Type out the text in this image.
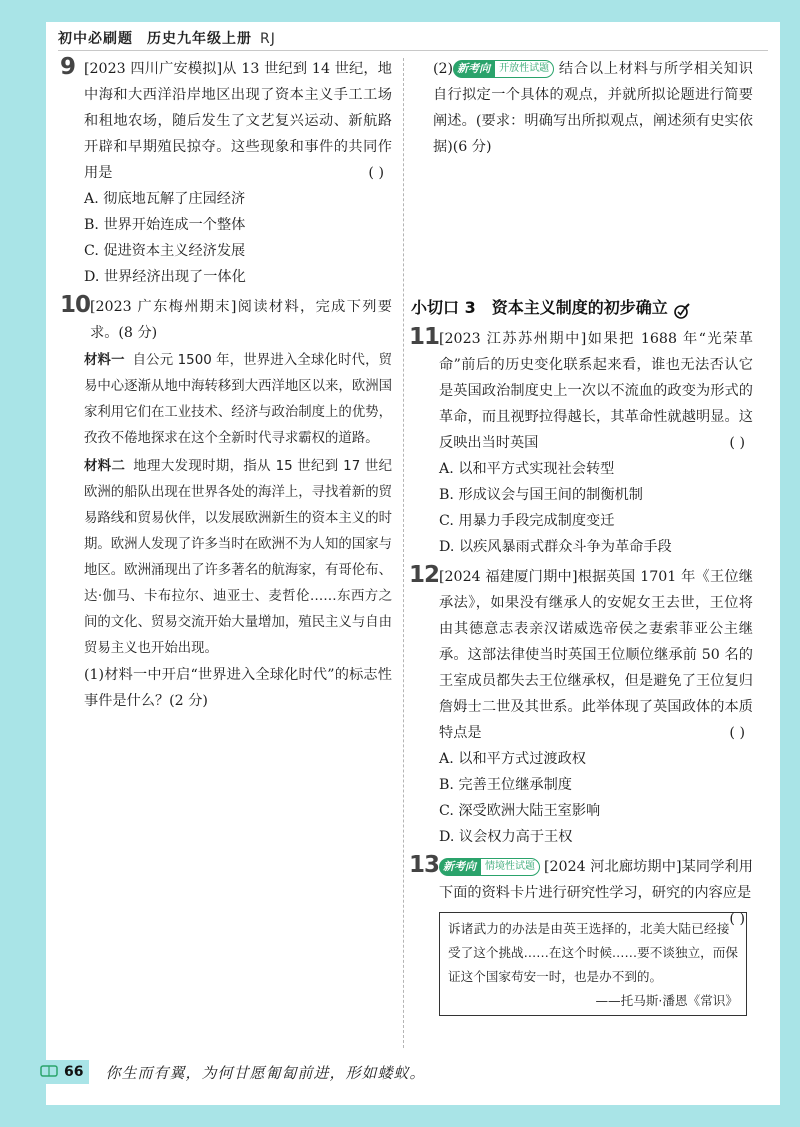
初中必刷题 历史九年级上册 RJ
9 [2023 四川广安模拟]从 13 世纪到 14 世纪，地中海和大西洋沿岸地区出现了资本主义手工工场和租地农场，随后发生了文艺复兴运动、新航路开辟和早期殖民掠夺。这些现象和事件的共同作用是	( )
A. 彻底地瓦解了庄园经济
B. 世界开始连成一个整体
C. 促进资本主义经济发展
D. 世界经济出现了一体化
10 [2023 广东梅州期末]阅读材料，完成下列要求。(8 分)
材料一 自公元 1500 年，世界进入全球化时代，贸易中心逐渐从地中海转移到大西洋地区以来，欧洲国家利用它们在工业技术、经济与政治制度上的优势，孜孜不倦地探求在这个全新时代寻求霸权的道路。
材料二 地理大发现时期，指从 15 世纪到 17 世纪欧洲的船队出现在世界各处的海洋上，寻找着新的贸易路线和贸易伙伴，以发展欧洲新生的资本主义的时期。欧洲人发现了许多当时在欧洲不为人知的国家与地区。欧洲涌现出了许多著名的航海家，有哥伦布、达·伽马、卡布拉尔、迪亚士、麦哲伦……东西方之间的文化、贸易交流开始大量增加，殖民主义与自由贸易主义也开始出现。
(1)材料一中开启“世界进入全球化时代”的标志性事件是什么？(2 分)
(2) 新考向 开放性试题 结合以上材料与所学相关知识自行拟定一个具体的观点，并就所拟论题进行简要阐述。(要求：明确写出所拟观点，阐述须有史实依据)(6 分)
小切口 3　资本主义制度的初步确立
11 [2023 江苏苏州期中]如果把 1688 年“光荣革命”前后的历史变化联系起来看，谁也无法否认它是英国政治制度史上一次以不流血的政变为形式的革命，而且视野拉得越长，其革命性就越明显。这反映出当时英国	( )
A. 以和平方式实现社会转型
B. 形成议会与国王间的制衡机制
C. 用暴力手段完成制度变迁
D. 以疾风暴雨式群众斗争为革命手段
12 [2024 福建厦门期中]根据英国 1701 年《王位继承法》，如果没有继承人的安妮女王去世，王位将由其德意志表亲汉诺威选帝侯之妻索菲亚公主继承。这部法律使当时英国王位顺位继承前 50 名的王室成员都失去王位继承权，但是避免了王位复归詹姆士二世及其世系。此举体现了英国政体的本质特点是	( )
A. 以和平方式过渡政权
B. 完善王位继承制度
C. 深受欧洲大陆王室影响
D. 议会权力高于王权
13 新考向 情境性试题 [2024 河北廊坊期中]某同学利用下面的资料卡片进行研究性学习，研究的内容应是
( )
诉诸武力的办法是由英王选择的，北美大陆已经接受了这个挑战……在这个时候……要不谈独立，而保证这个国家苟安一时，也是办不到的。
——托马斯·潘恩《常识》
66 你生而有翼，为何甘愿匍匐前进，形如蝼蚁。
